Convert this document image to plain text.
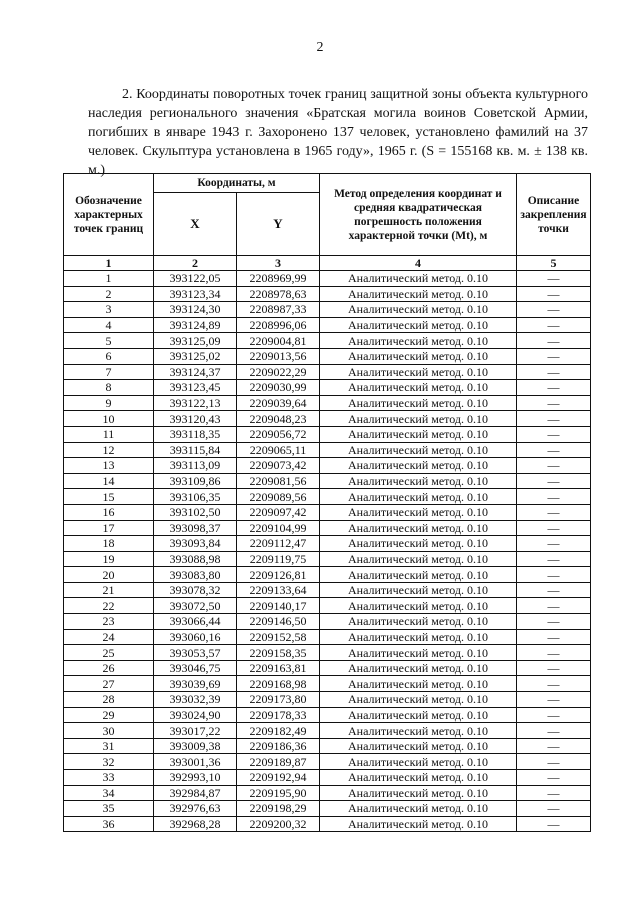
2

2. Координаты поворотных точек границ защитной зоны объекта культурного наследия регионального значения «Братская могила воинов Советской Армии, погибших в январе 1943 г. Захоронено 137 человек, установлено фамилий на 37 человек. Скульптура установлена в 1965 году», 1965 г. (S = 155168 кв. м. ± 138 кв. м.)

Обозначение характерных точек границ	Координаты, м		Метод определения координат и средняя квадратическая погрешность положения характерной точки (Мt), м	Описание закрепления точки
	X	Y		
1	2	3	4	5
1	393122,05	2208969,99	Аналитический метод. 0.10	—
2	393123,34	2208978,63	Аналитический метод. 0.10	—
3	393124,30	2208987,33	Аналитический метод. 0.10	—
4	393124,89	2208996,06	Аналитический метод. 0.10	—
5	393125,09	2209004,81	Аналитический метод. 0.10	—
6	393125,02	2209013,56	Аналитический метод. 0.10	—
7	393124,37	2209022,29	Аналитический метод. 0.10	—
8	393123,45	2209030,99	Аналитический метод. 0.10	—
9	393122,13	2209039,64	Аналитический метод. 0.10	—
10	393120,43	2209048,23	Аналитический метод. 0.10	—
11	393118,35	2209056,72	Аналитический метод. 0.10	—
12	393115,84	2209065,11	Аналитический метод. 0.10	—
13	393113,09	2209073,42	Аналитический метод. 0.10	—
14	393109,86	2209081,56	Аналитический метод. 0.10	—
15	393106,35	2209089,56	Аналитический метод. 0.10	—
16	393102,50	2209097,42	Аналитический метод. 0.10	—
17	393098,37	2209104,99	Аналитический метод. 0.10	—
18	393093,84	2209112,47	Аналитический метод. 0.10	—
19	393088,98	2209119,75	Аналитический метод. 0.10	—
20	393083,80	2209126,81	Аналитический метод. 0.10	—
21	393078,32	2209133,64	Аналитический метод. 0.10	—
22	393072,50	2209140,17	Аналитический метод. 0.10	—
23	393066,44	2209146,50	Аналитический метод. 0.10	—
24	393060,16	2209152,58	Аналитический метод. 0.10	—
25	393053,57	2209158,35	Аналитический метод. 0.10	—
26	393046,75	2209163,81	Аналитический метод. 0.10	—
27	393039,69	2209168,98	Аналитический метод. 0.10	—
28	393032,39	2209173,80	Аналитический метод. 0.10	—
29	393024,90	2209178,33	Аналитический метод. 0.10	—
30	393017,22	2209182,49	Аналитический метод. 0.10	—
31	393009,38	2209186,36	Аналитический метод. 0.10	—
32	393001,36	2209189,87	Аналитический метод. 0.10	—
33	392993,10	2209192,94	Аналитический метод. 0.10	—
34	392984,87	2209195,90	Аналитический метод. 0.10	—
35	392976,63	2209198,29	Аналитический метод. 0.10	—
36	392968,28	2209200,32	Аналитический метод. 0.10	—
